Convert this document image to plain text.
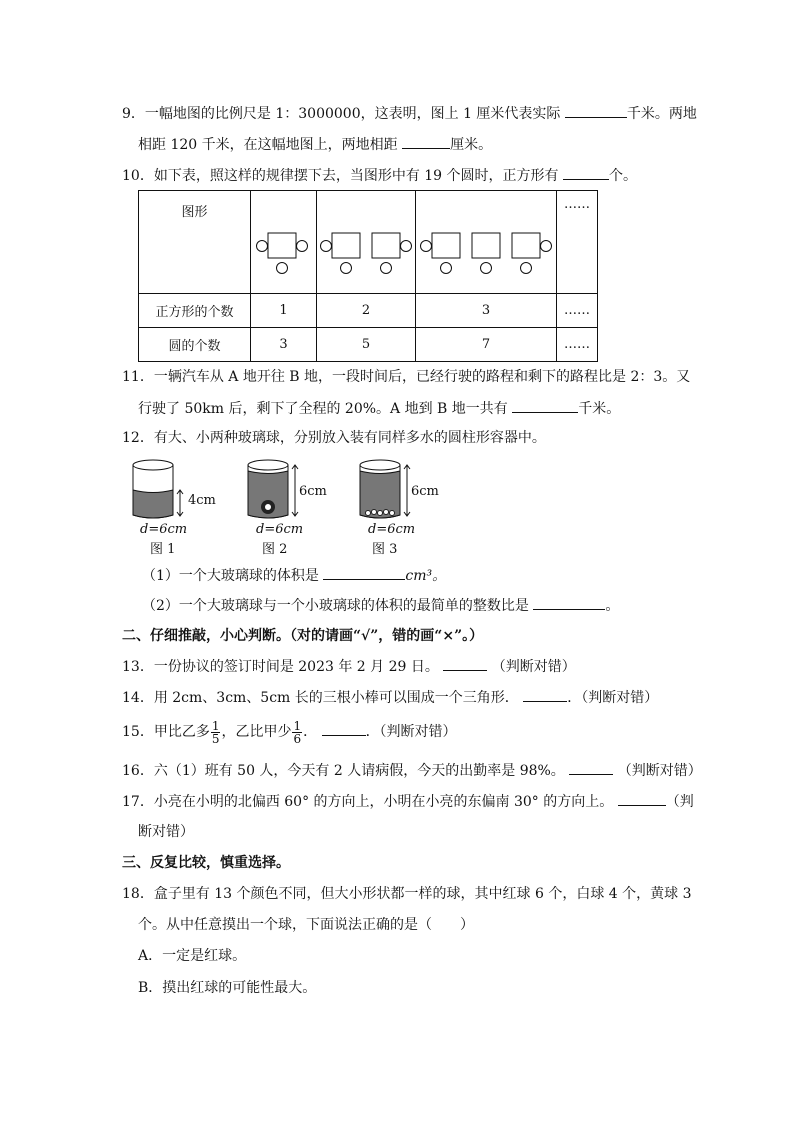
9．一幅地图的比例尺是 1：3000000，这表明，图上 1 厘米代表实际	千米。两地
相距 120 千米，在这幅地图上，两地相距	厘米。
10．如下表，照这样的规律摆下去，当图形中有 19 个圆时，正方形有	个。
图形				……
正方形的个数	1	2	3	……
圆的个数	3	5	7	……
11．一辆汽车从 A 地开往 B 地，一段时间后，已经行驶的路程和剩下的路程比是 2：3。又
行驶了 50km 后，剩下了全程的 20%。A 地到 B 地一共有	千米。
12．有大、小两种玻璃球，分别放入装有同样多水的圆柱形容器中。
4cm
d=6cm
图 1
6cm
d=6cm
图 2
6cm
d=6cm
图 3
（1）一个大玻璃球的体积是	cm³。
（2）一个大玻璃球与一个小玻璃球的体积的最简单的整数比是	。
二、仔细推敲，小心判断。（对的请画“√”，错的画“×”。）
13．一份协议的签订时间是 2023 年 2 月 29 日。	（判断对错）
14．用 2cm、3cm、5cm 长的三根小棒可以围成一个三角形．	．（判断对错）
15．甲比乙多 $\frac{1}{5}$ ，乙比甲少 $\frac{1}{6}$ ．	．（判断对错）
16．六（1）班有 50 人，今天有 2 人请病假，今天的出勤率是 98%。	（判断对错）
17．小亮在小明的北偏西 60° 的方向上，小明在小亮的东偏南 30° 的方向上。	（判
断对错）
三、反复比较，慎重选择。
18．盒子里有 13 个颜色不同，但大小形状都一样的球，其中红球 6 个，白球 4 个，黄球 3
个。从中任意摸出一个球，下面说法正确的是（　　）
A．一定是红球。
B．摸出红球的可能性最大。
